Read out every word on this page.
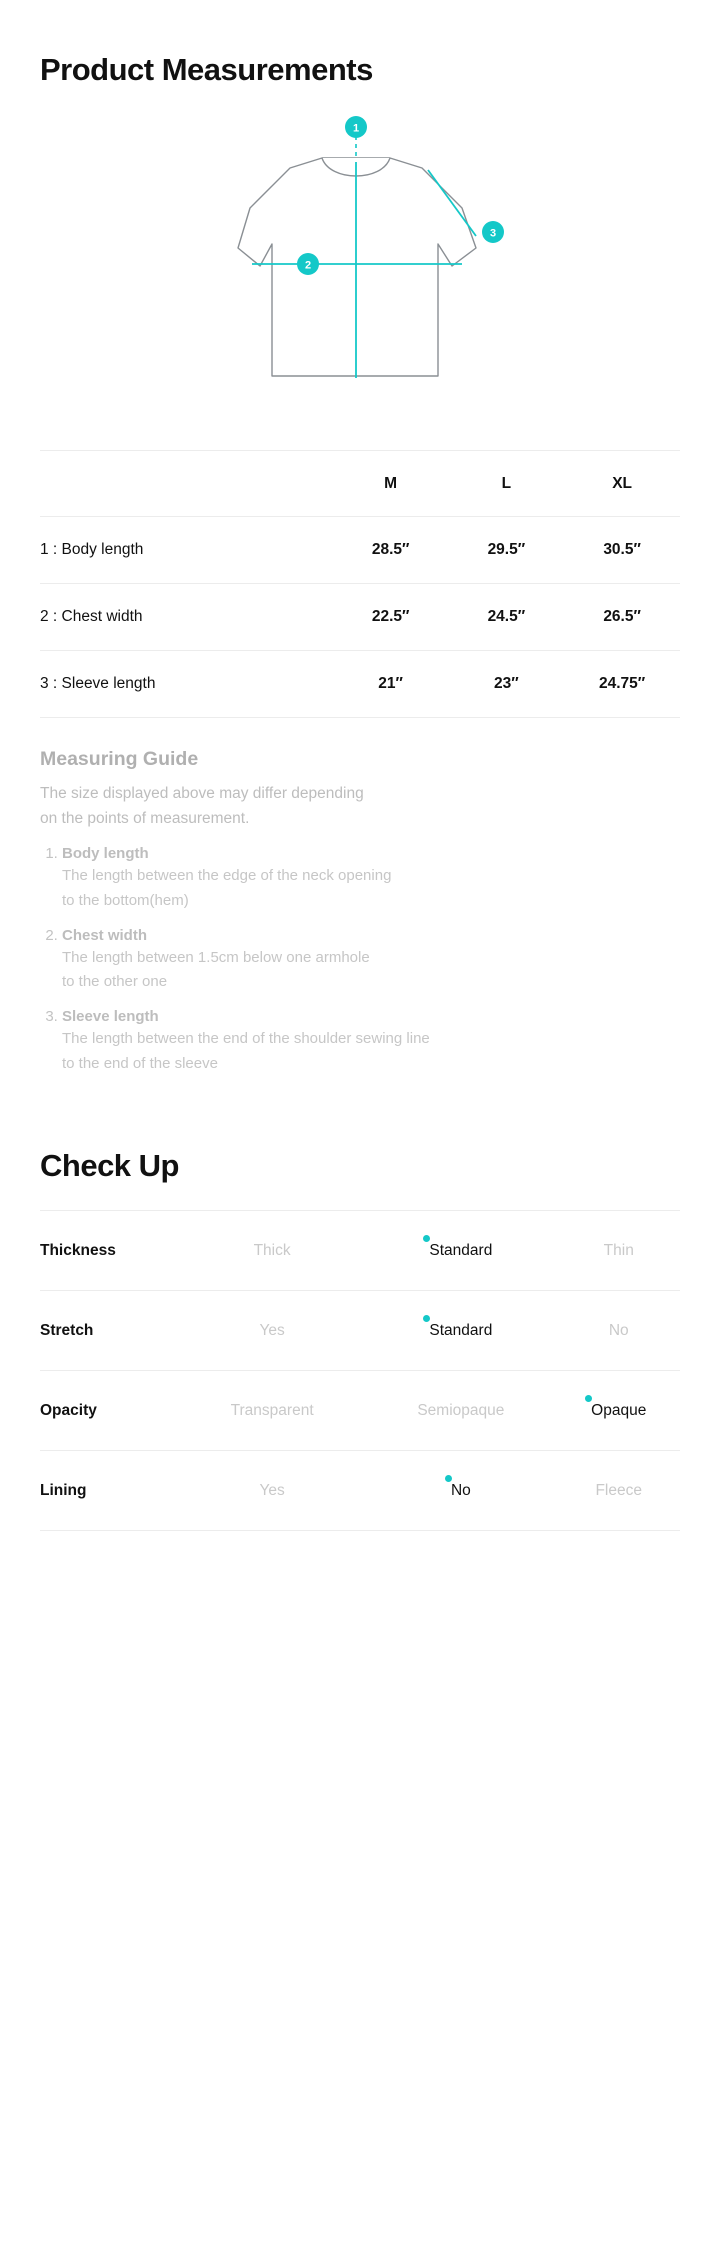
Product Measurements
1
2
3
	M	L	XL
1 : Body length	28.5″	29.5″	30.5″
2 : Chest width	22.5″	24.5″	26.5″
3 : Sleeve length	21″	23″	24.75″
Measuring Guide
The size displayed above may differ depending
on the points of measurement.
1. Body length
The length between the edge of the neck opening
to the bottom(hem)
2. Chest width
The length between 1.5cm below one armhole
to the other one
3. Sleeve length
The length between the end of the shoulder sewing line
to the end of the sleeve
Check Up
Thickness	Thick	Standard	Thin
Stretch	Yes	Standard	No
Opacity	Transparent	Semiopaque	Opaque
Lining	Yes	No	Fleece
